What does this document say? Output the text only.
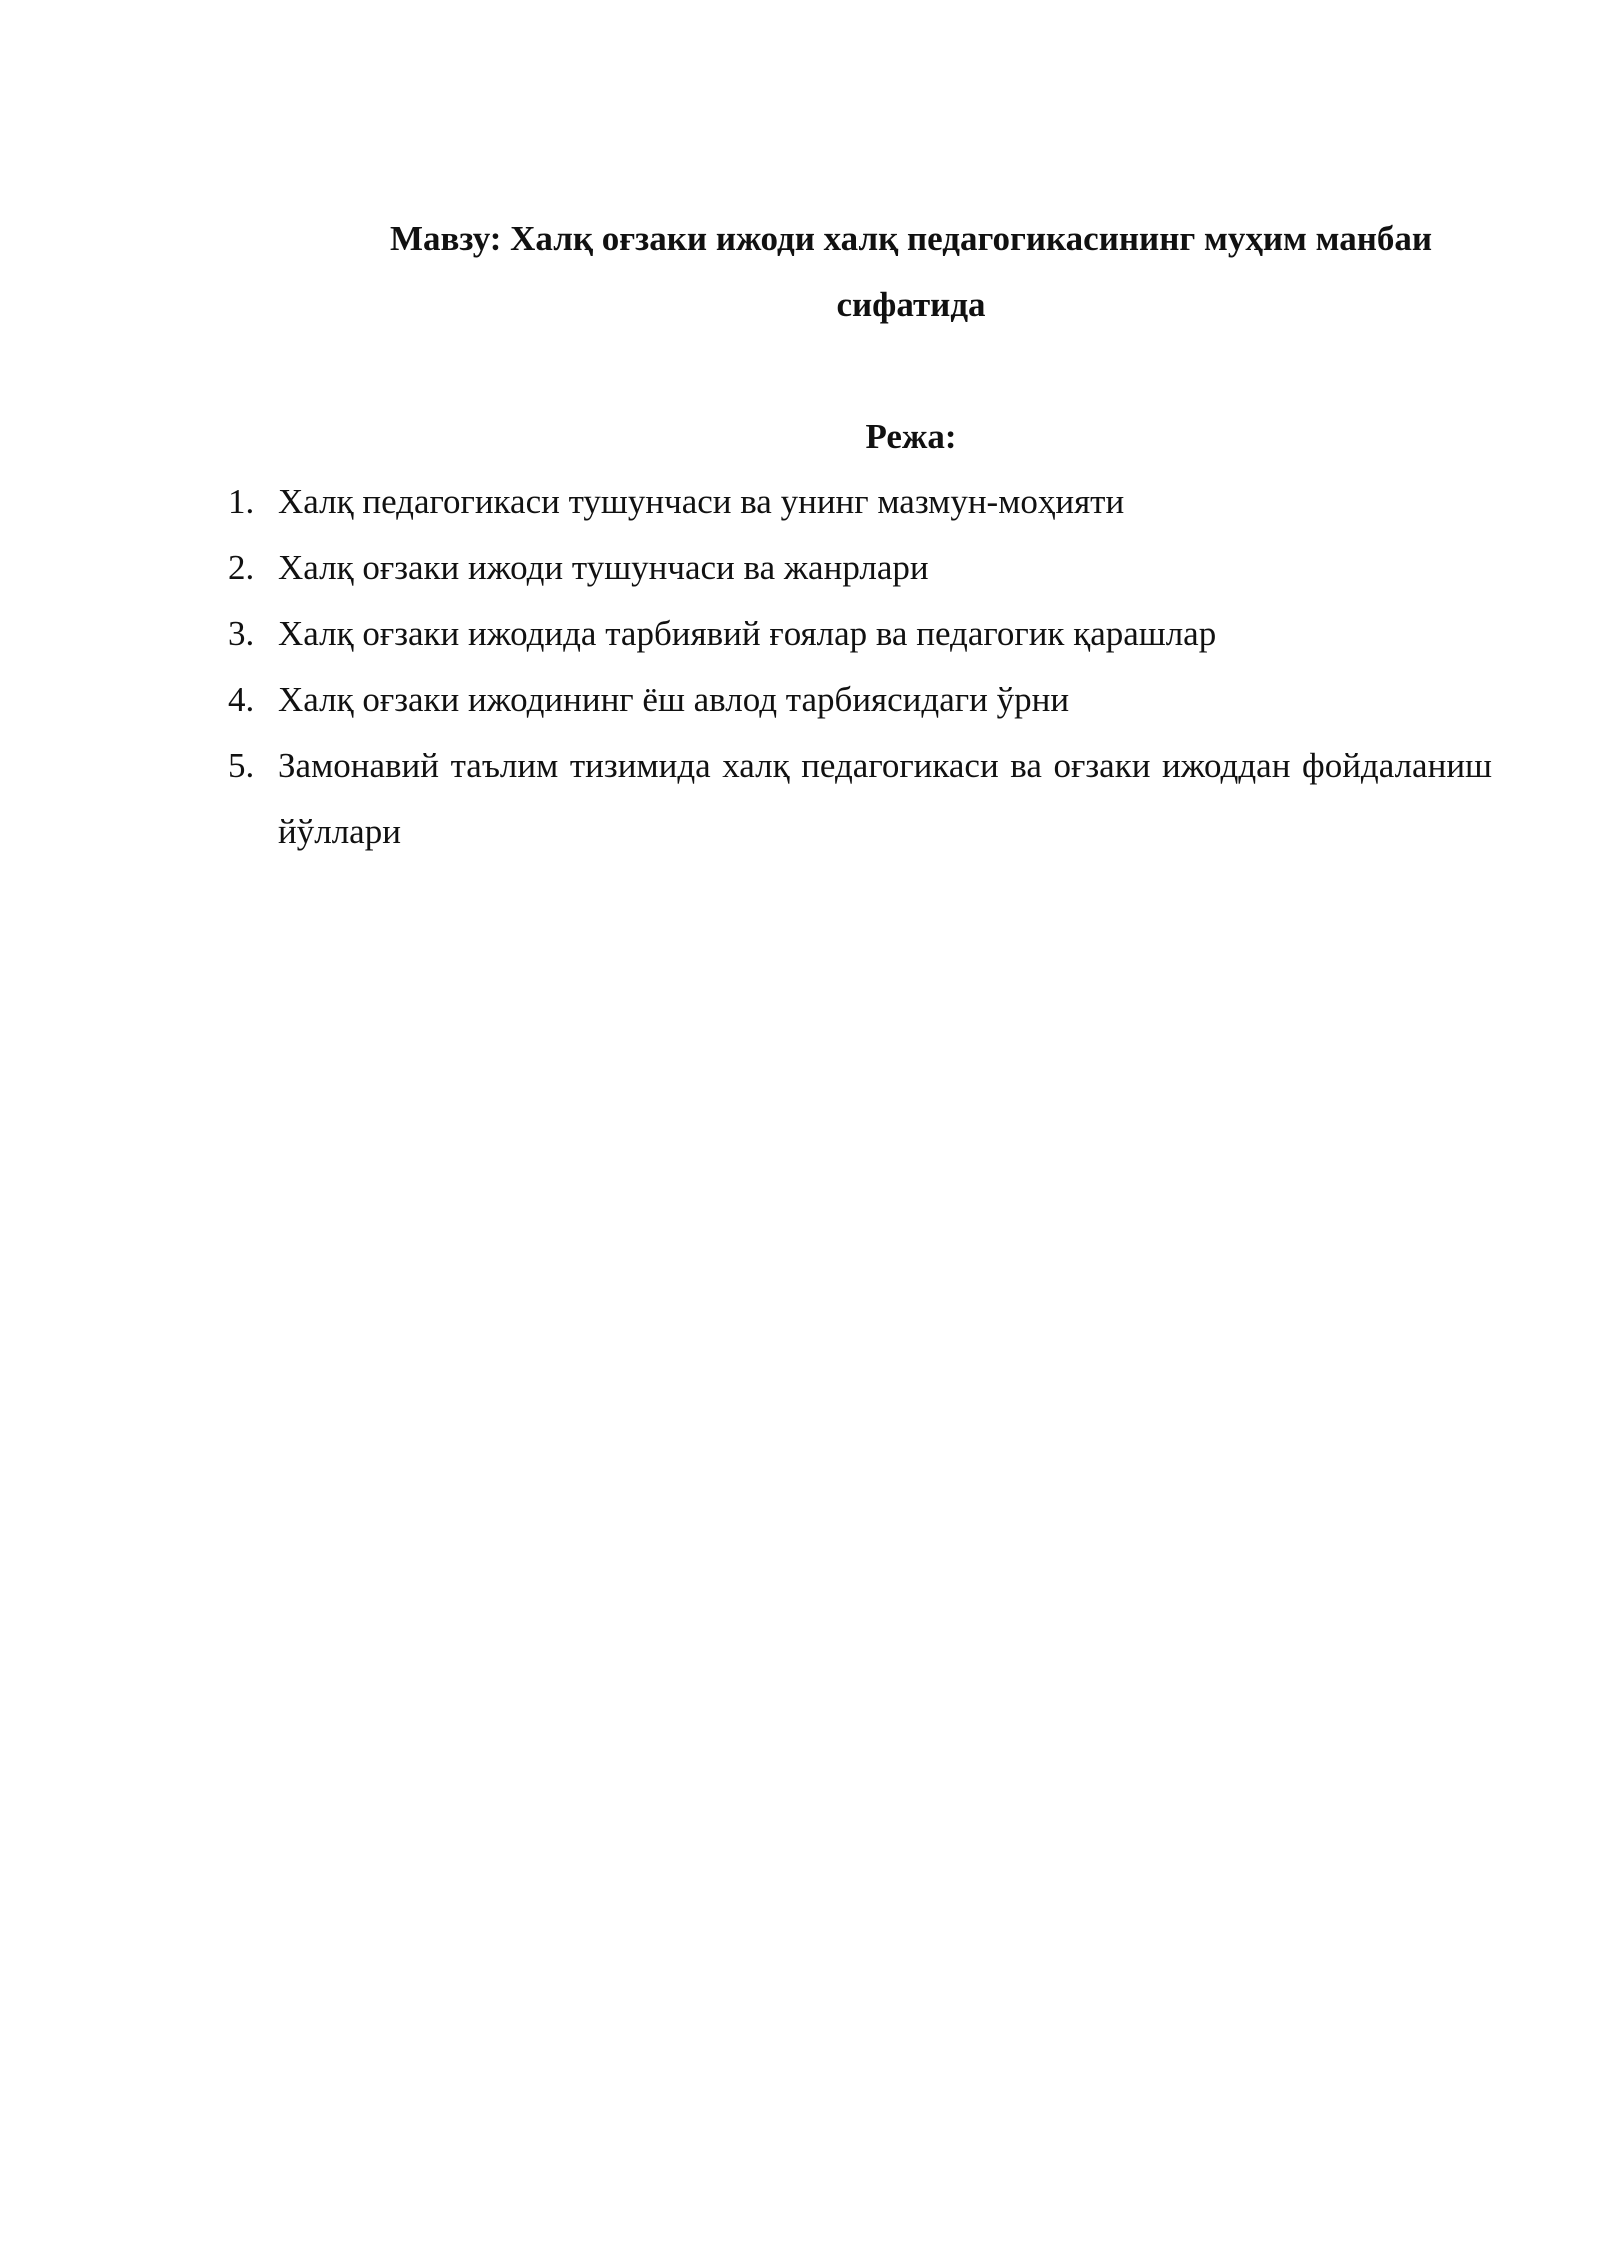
Мавзу: Халқ оғзаки ижоди халқ педагогикасининг муҳим манбаи сифатида
Режа:
1. Халқ педагогикаси тушунчаси ва унинг мазмун-моҳияти
2. Халқ оғзаки ижоди тушунчаси ва жанрлари
3. Халқ оғзаки ижодида тарбиявий ғоялар ва педагогик қарашлар
4. Халқ оғзаки ижодининг ёш авлод тарбиясидаги ўрни
5. Замонавий таълим тизимида халқ педагогикаси ва оғзаки ижоддан фойдаланиш йўллари
